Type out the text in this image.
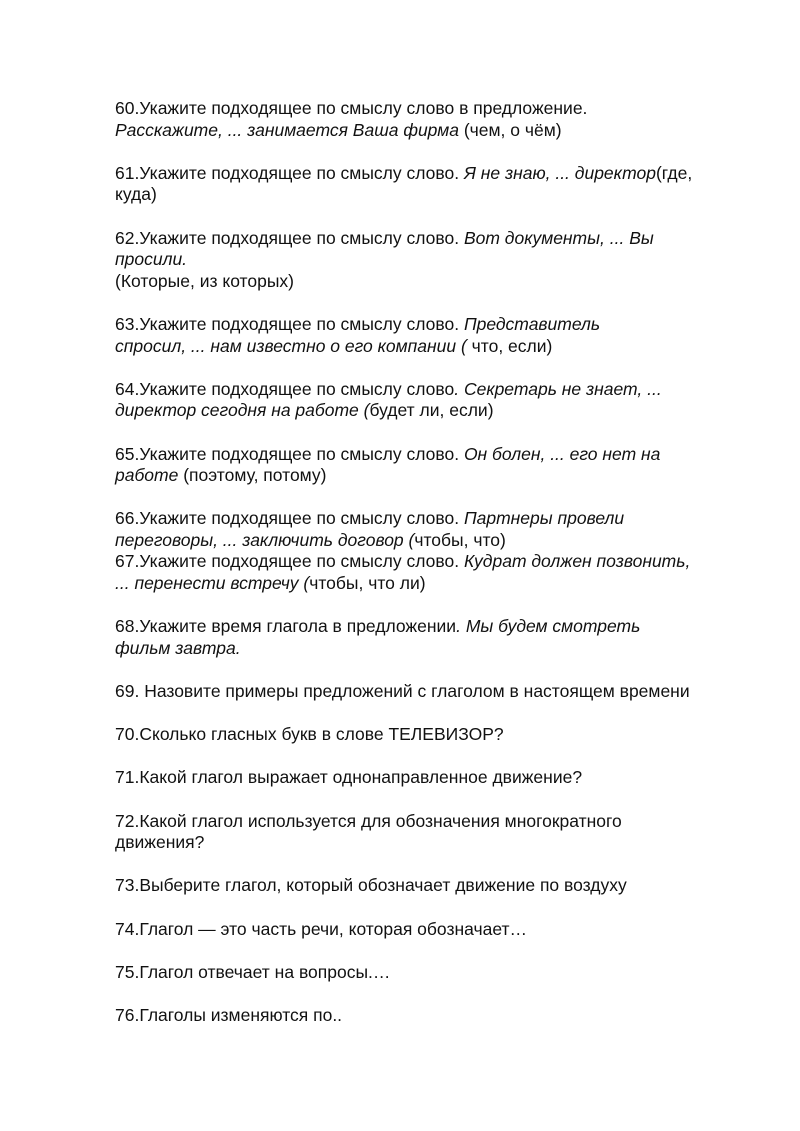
60.Укажите подходящее по смыслу слово в предложение.
Расскажите, ... занимается Ваша фирма (чем, о чём)

61.Укажите подходящее по смыслу слово. Я не знаю, ... директор(где,
куда)

62.Укажите подходящее по смыслу слово. Вот документы, ... Вы
просили.
(Которые, из которых)

63.Укажите подходящее по смыслу слово. Представитель
спросил, ... нам известно о его компании ( что, если)

64.Укажите подходящее по смыслу слово. Секретарь не знает, ...
директор сегодня на работе (будет ли, если)

65.Укажите подходящее по смыслу слово. Он болен, ... его нет на
работе (поэтому, потому)

66.Укажите подходящее по смыслу слово. Партнеры провели
переговоры, ... заключить договор (чтобы, что)

67.Укажите подходящее по смыслу слово. Кудрат должен позвонить,
... перенести встречу (чтобы, что ли)

68.Укажите время глагола в предложении. Мы будем смотреть
фильм завтра.

69. Назовите примеры предложений с глаголом в настоящем времени

70.Сколько гласных букв в слове ТЕЛЕВИЗОР?

71.Какой глагол выражает однонаправленное движение?

72.Какой глагол используется для обозначения многократного
движения?

73.Выберите глагол, который обозначает движение по воздуху

74.Глагол — это часть речи, которая обозначает…

75.Глагол отвечает на вопросы.…

76.Глаголы изменяются по..
